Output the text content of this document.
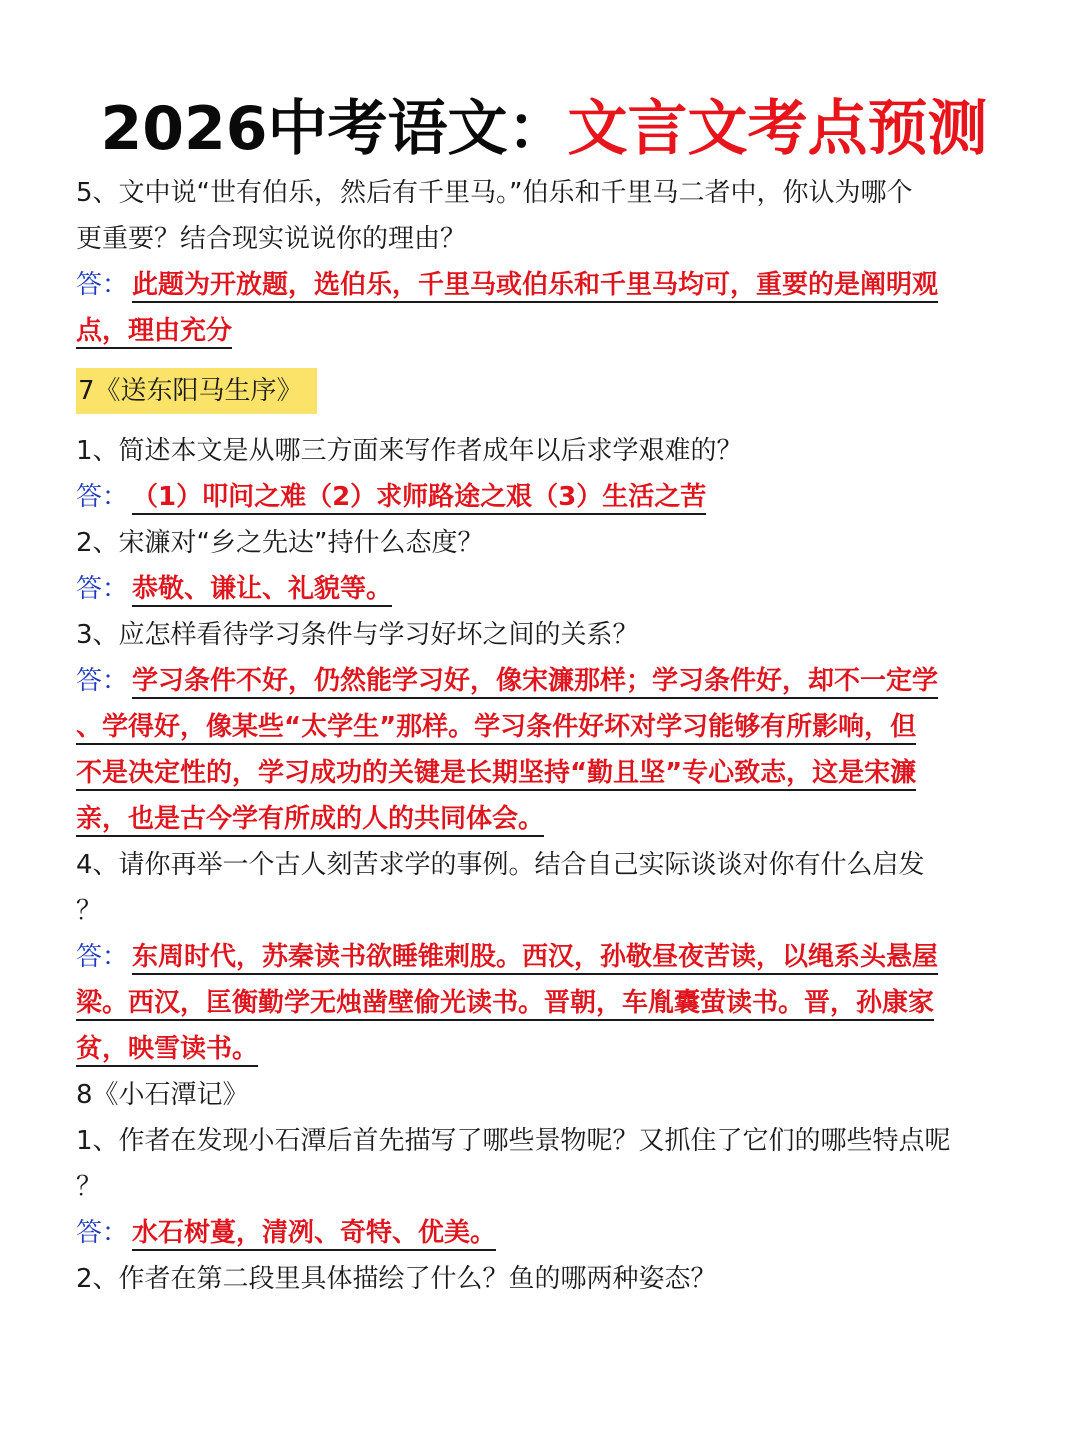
2026中考语文：文言文考点预测
5、文中说“世有伯乐，然后有千里马。”伯乐和千里马二者中，你认为哪个
更重要？结合现实说说你的理由？
答： 此题为开放题，选伯乐，千里马或伯乐和千里马均可，重要的是阐明观
点，理由充分
7《送东阳马生序》
1、简述本文是从哪三方面来写作者成年以后求学艰难的？
答： （1）叩问之难（2）求师路途之艰（3）生活之苦
2、宋濂对“乡之先达”持什么态度？
答： 恭敬、谦让、礼貌等。
3、应怎样看待学习条件与学习好坏之间的关系？
答： 学习条件不好，仍然能学习好，像宋濂那样；学习条件好，却不一定学
、学得好，像某些“太学生”那样。学习条件好坏对学习能够有所影响，但
不是决定性的，学习成功的关键是长期坚持“勤且坚”专心致志，这是宋濂
亲，也是古今学有所成的人的共同体会。
4、请你再举一个古人刻苦求学的事例。结合自己实际谈谈对你有什么启发
？
答： 东周时代，苏秦读书欲睡锥刺股。西汉，孙敬昼夜苦读，以绳系头悬屋
梁。西汉，匡衡勤学无烛凿壁偷光读书。晋朝，车胤囊萤读书。晋，孙康家
贫，映雪读书。
8《小石潭记》
1、作者在发现小石潭后首先描写了哪些景物呢？又抓住了它们的哪些特点呢
？
答： 水石树蔓，清冽、奇特、优美。
2、作者在第二段里具体描绘了什么？鱼的哪两种姿态？
